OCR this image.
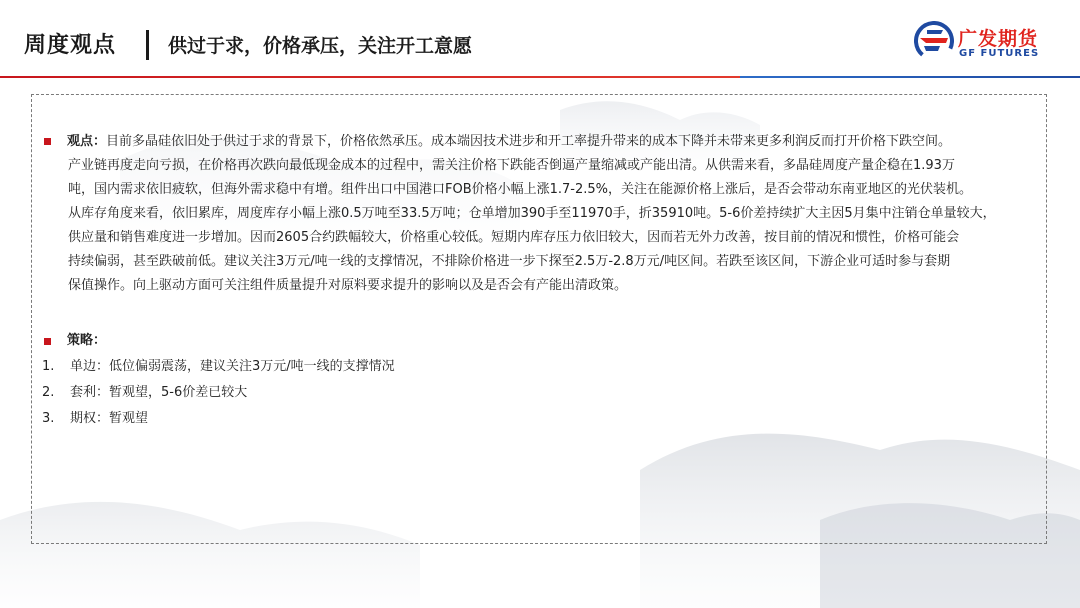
周度观点	供过于求，价格承压，关注开工意愿	广发期货
GF FUTURES
观点：目前多晶硅依旧处于供过于求的背景下，价格依然承压。成本端因技术进步和开工率提升带来的成本下降并未带来更多利润反而打开价格下跌空间。
产业链再度走向亏损，在价格再次跌向最低现金成本的过程中，需关注价格下跌能否倒逼产量缩减或产能出清。从供需来看，多晶硅周度产量企稳在1.93万
吨，国内需求依旧疲软，但海外需求稳中有增。组件出口中国港口FOB价格小幅上涨1.7-2.5%，关注在能源价格上涨后，是否会带动东南亚地区的光伏装机。
从库存角度来看，依旧累库，周度库存小幅上涨0.5万吨至33.5万吨；仓单增加390手至11970手，折35910吨。5-6价差持续扩大主因5月集中注销仓单量较大，
供应量和销售难度进一步增加。因而2605合约跌幅较大，价格重心较低。短期内库存压力依旧较大，因而若无外力改善，按目前的情况和惯性，价格可能会
持续偏弱，甚至跌破前低。建议关注3万元/吨一线的支撑情况，不排除价格进一步下探至2.5万-2.8万元/吨区间。若跌至该区间，下游企业可适时参与套期
保值操作。向上驱动方面可关注组件质量提升对原料要求提升的影响以及是否会有产能出清政策。
策略：
1.	单边：低位偏弱震荡，建议关注3万元/吨一线的支撑情况
2.	套利：暂观望，5-6价差已较大
3.	期权：暂观望
